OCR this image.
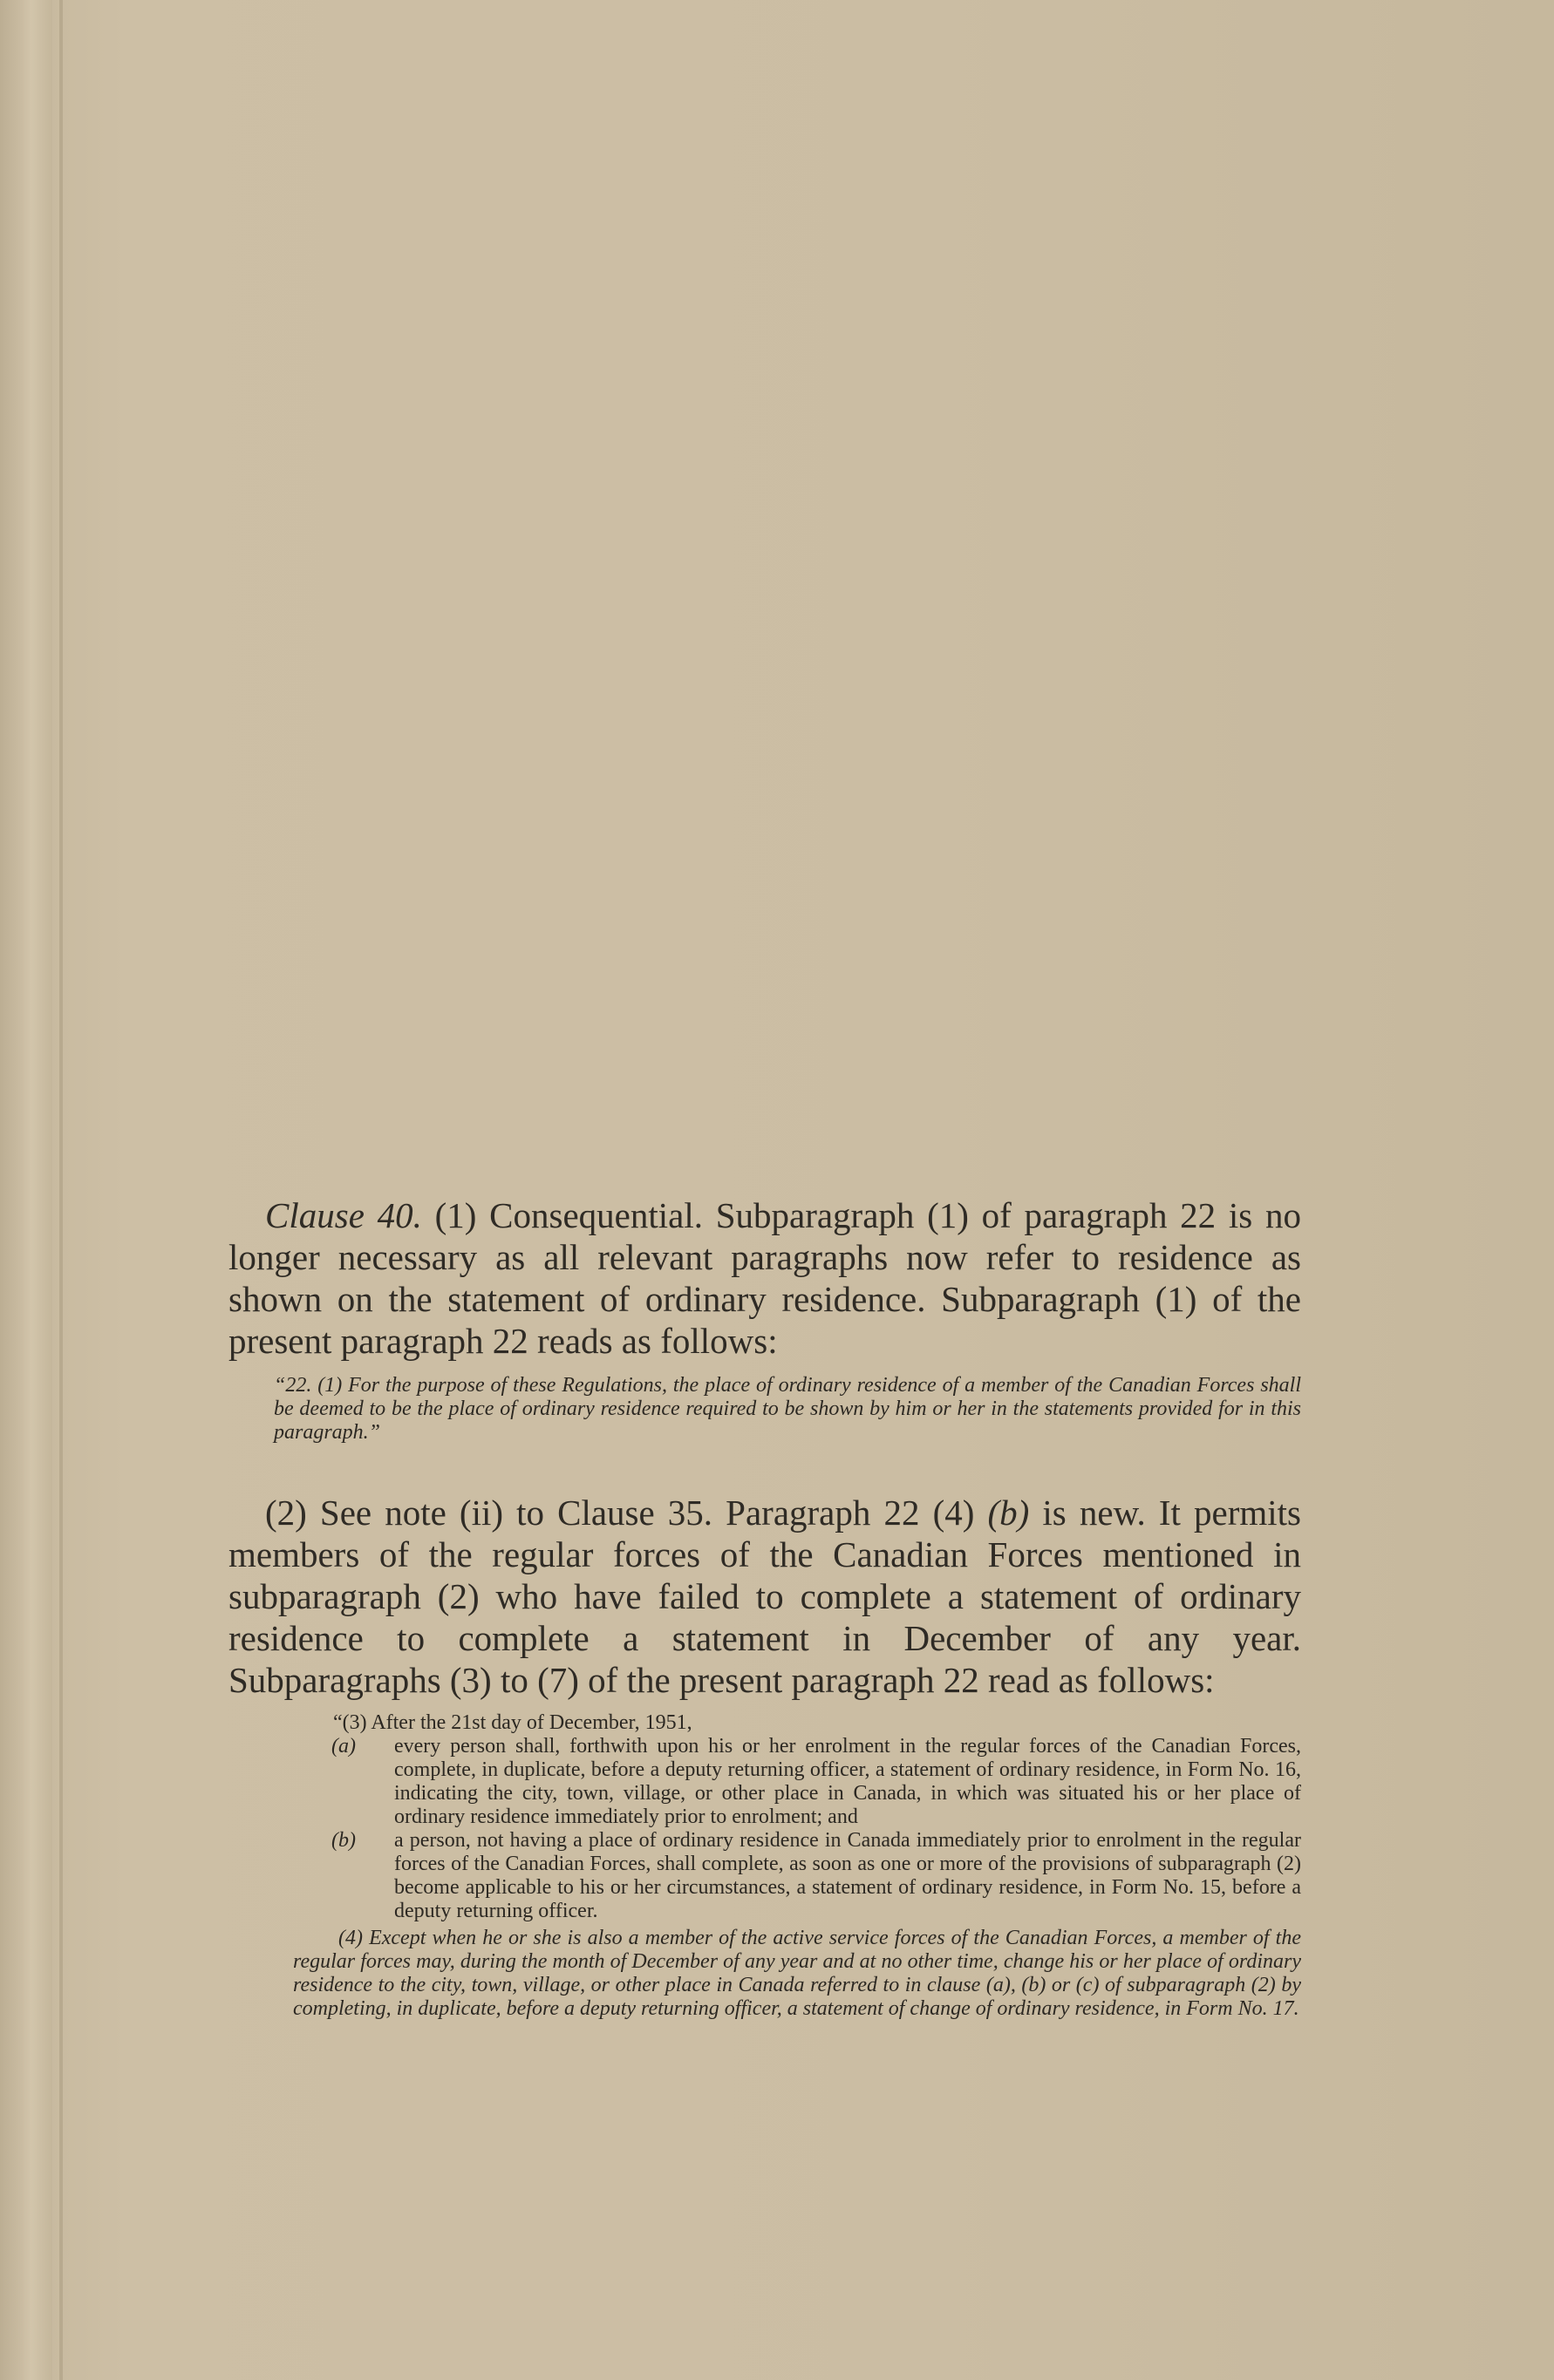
Clause 40. (1) Consequential. Subparagraph (1) of paragraph 22 is no longer necessary as all relevant paragraphs now refer to residence as shown on the statement of ordinary residence. Subparagraph (1) of the present paragraph 22 reads as follows:

“22. (1) For the purpose of these Regulations, the place of ordinary residence of a member of the Canadian Forces shall be deemed to be the place of ordinary residence required to be shown by him or her in the statements provided for in this paragraph.”

(2) See note (ii) to Clause 35. Paragraph 22 (4) (b) is new. It permits members of the regular forces of the Canadian Forces mentioned in subparagraph (2) who have failed to complete a statement of ordinary residence to complete a statement in December of any year. Subparagraphs (3) to (7) of the present paragraph 22 read as follows:

“(3) After the 21st day of December, 1951,

(a) every person shall, forthwith upon his or her enrolment in the regular forces of the Canadian Forces, complete, in duplicate, before a deputy returning officer, a statement of ordinary residence, in Form No. 16, indicating the city, town, village, or other place in Canada, in which was situated his or her place of ordinary residence immediately prior to enrolment; and

(b) a person, not having a place of ordinary residence in Canada immediately prior to enrolment in the regular forces of the Canadian Forces, shall complete, as soon as one or more of the provisions of subparagraph (2) become applicable to his or her circumstances, a statement of ordinary residence, in Form No. 15, before a deputy returning officer.

(4) Except when he or she is also a member of the active service forces of the Canadian Forces, a member of the regular forces may, during the month of December of any year and at no other time, change his or her place of ordinary residence to the city, town, village, or other place in Canada referred to in clause (a), (b) or (c) of subparagraph (2) by completing, in duplicate, before a deputy returning officer, a statement of change of ordinary residence, in Form No. 17.
